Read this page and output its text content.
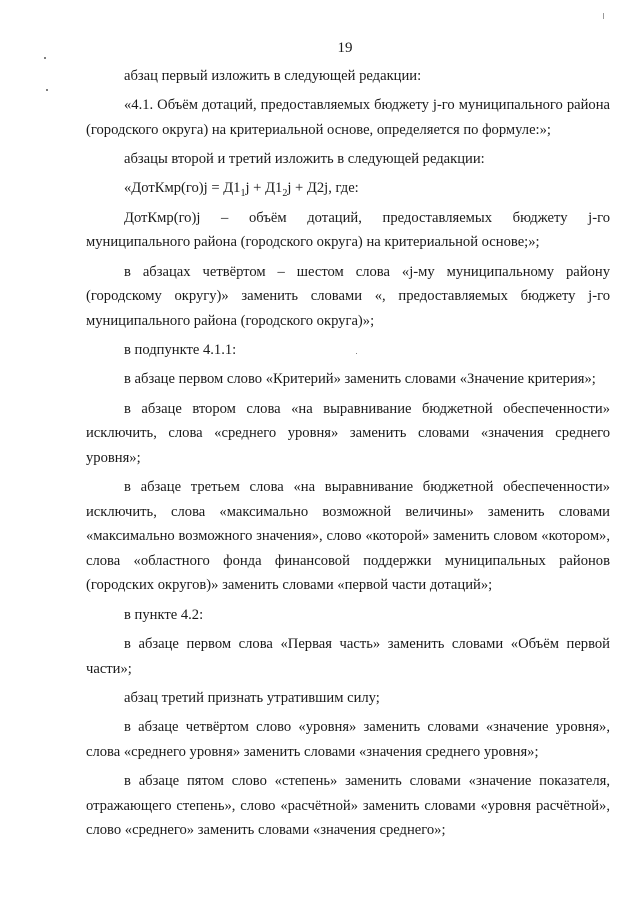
19

абзац первый изложить в следующей редакции:

«4.1. Объём дотаций, предоставляемых бюджету j-го муниципального района (городского округа) на критериальной основе, определяется по формуле:»;

абзацы второй и третий изложить в следующей редакции:

«ДотКмр(го)j = $Д1_1j + Д1_2j + Д2j$, где:

ДотКмр(го)j – объём дотаций, предоставляемых бюджету j-го муниципального района (городского округа) на критериальной основе;»;

в абзацах четвёртом – шестом слова «j-му муниципальному району (городскому округу)» заменить словами «, предоставляемых бюджету j-го муниципального района (городского округа)»;

в подпункте 4.1.1:

в абзаце первом слово «Критерий» заменить словами «Значение критерия»;

в абзаце втором слова «на выравнивание бюджетной обеспеченности» исключить, слова «среднего уровня» заменить словами «значения среднего уровня»;

в абзаце третьем слова «на выравнивание бюджетной обеспеченности» исключить, слова «максимально возможной величины» заменить словами «максимально возможного значения», слово «которой» заменить словом «котором», слова «областного фонда финансовой поддержки муниципальных районов (городских округов)» заменить словами «первой части дотаций»;

в пункте 4.2:

в абзаце первом слова «Первая часть» заменить словами «Объём первой части»;

абзац третий признать утратившим силу;

в абзаце четвёртом слово «уровня» заменить словами «значение уровня», слова «среднего уровня» заменить словами «значения среднего уровня»;

в абзаце пятом слово «степень» заменить словами «значение показателя, отражающего степень», слово «расчётной» заменить словами «уровня расчётной», слово «среднего» заменить словами «значения среднего»;
